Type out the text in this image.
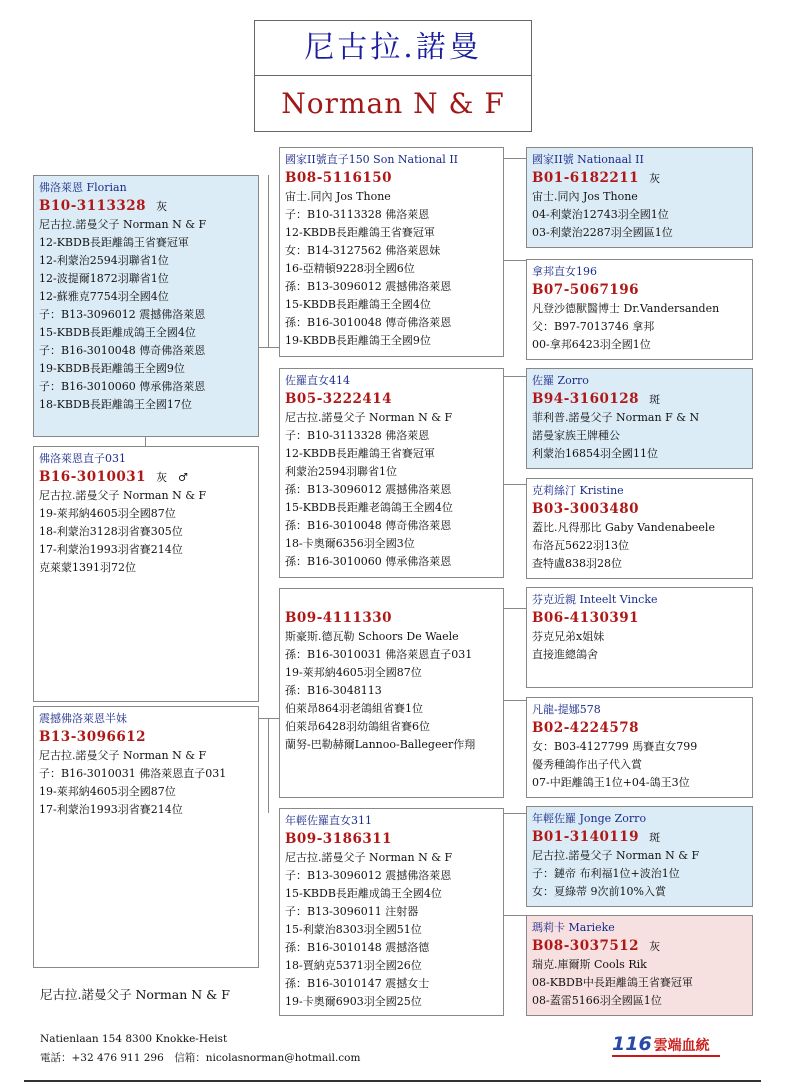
尼古拉.諾曼
Norman N & F
佛洛萊恩 Florian
B10-3113328 灰
尼古拉.諾曼父子 Norman N & F
12-KBDB長距離鴿王省賽冠軍
12-利蒙治2594羽聯省1位
12-波提爾1872羽聯省1位
12-蘇雅克7754羽全國4位
子：B13-3096012 震撼佛洛萊恩
15-KBDB長距離成鴿王全國4位
子：B16-3010048 傳奇佛洛萊恩
19-KBDB長距離鴿王全國9位
子：B16-3010060 傳承佛洛萊恩
18-KBDB長距離鴿王全國17位
佛洛萊恩直子031
B16-3010031 灰　♂
尼古拉.諾曼父子 Norman N & F
19-萊邦納4605羽全國87位
18-利蒙治3128羽省賽305位
17-利蒙治1993羽省賽214位
克萊蒙1391羽72位
震撼佛洛萊恩半妹
B13-3096612
尼古拉.諾曼父子 Norman N & F
子：B16-3010031 佛洛萊恩直子031
19-萊邦納4605羽全國87位
17-利蒙治1993羽省賽214位
國家II號直子150 Son National II
B08-5116150
宙士.同內 Jos Thone
子：B10-3113328 佛洛萊恩
12-KBDB長距離鴿王省賽冠軍
女：B14-3127562 佛洛萊恩妹
16-亞精頓9228羽全國6位
孫：B13-3096012 震撼佛洛萊恩
15-KBDB長距離鴿王全國4位
孫：B16-3010048 傳奇佛洛萊恩
19-KBDB長距離鴿王全國9位
佐羅直女414
B05-3222414
尼古拉.諾曼父子 Norman N & F
子：B10-3113328 佛洛萊恩
12-KBDB長距離鴿王省賽冠軍
利蒙治2594羽聯省1位
孫：B13-3096012 震撼佛洛萊恩
15-KBDB長距離老鴿鴿王全國4位
孫：B16-3010048 傳奇佛洛萊恩
18-卡奧爾6356羽全國3位
孫：B16-3010060 傳承佛洛萊恩
B09-4111330
斯豪斯.德瓦勒 Schoors De Waele
孫：B16-3010031 佛洛萊恩直子031
19-萊邦納4605羽全國87位
孫：B16-3048113
伯萊昂864羽老鴿組省賽1位
伯萊昂6428羽幼鴿組省賽6位
蘭努-巴勒赫爾Lannoo-Ballegeer作翔
年輕佐羅直女311
B09-3186311
尼古拉.諾曼父子 Norman N & F
子：B13-3096012 震撼佛洛萊恩
15-KBDB長距離成鴿王全國4位
子：B13-3096011 注射器
15-利蒙治8303羽全國51位
孫：B16-3010148 震撼洛德
18-賈納克5371羽全國26位
孫：B16-3010147 震撼女士
19-卡奧爾6903羽全國25位
國家II號 Nationaal II
B01-6182211 灰
宙士.同內 Jos Thone
04-利蒙治12743羽全國1位
03-利蒙治2287羽全國區1位
拿邦直女196
B07-5067196
凡登沙德獸醫博士 Dr.Vandersanden
父：B97-7013746 拿邦
00-拿邦6423羽全國1位
佐羅 Zorro
B94-3160128 斑
菲利普.諾曼父子 Norman F & N
諾曼家族王牌種公
利蒙治16854羽全國11位
克莉絲汀 Kristine
B03-3003480
蓋比.凡得那比 Gaby Vandenabeele
布洛瓦5622羽13位
查特盧838羽28位
芬克近親 Inteelt Vincke
B06-4130391
芬克兄弟x姐妹
直接進總鴿舍
凡龍-提娜578
B02-4224578
女：B03-4127799 馬賽直女799
優秀種鴿作出子代入賞
07-中距離鴿王1位+04-鴿王3位
年輕佐羅 Jonge Zorro
B01-3140119 斑
尼古拉.諾曼父子 Norman N & F
子：鏈帝 布利福1位+波治1位
女：夏綠蒂 9次前10%入賞
瑪莉卡 Marieke
B08-3037512 灰
瑞克.庫爾斯 Cools Rik
08-KBDB中長距離鴿王省賽冠軍
08-蓋雷5166羽全國區1位
尼古拉.諾曼父子 Norman N & F
Natienlaan 154 8300 Knokke-Heist
電話：+32 476 911 296　信箱：nicolasnorman@hotmail.com
116 雲端血統
